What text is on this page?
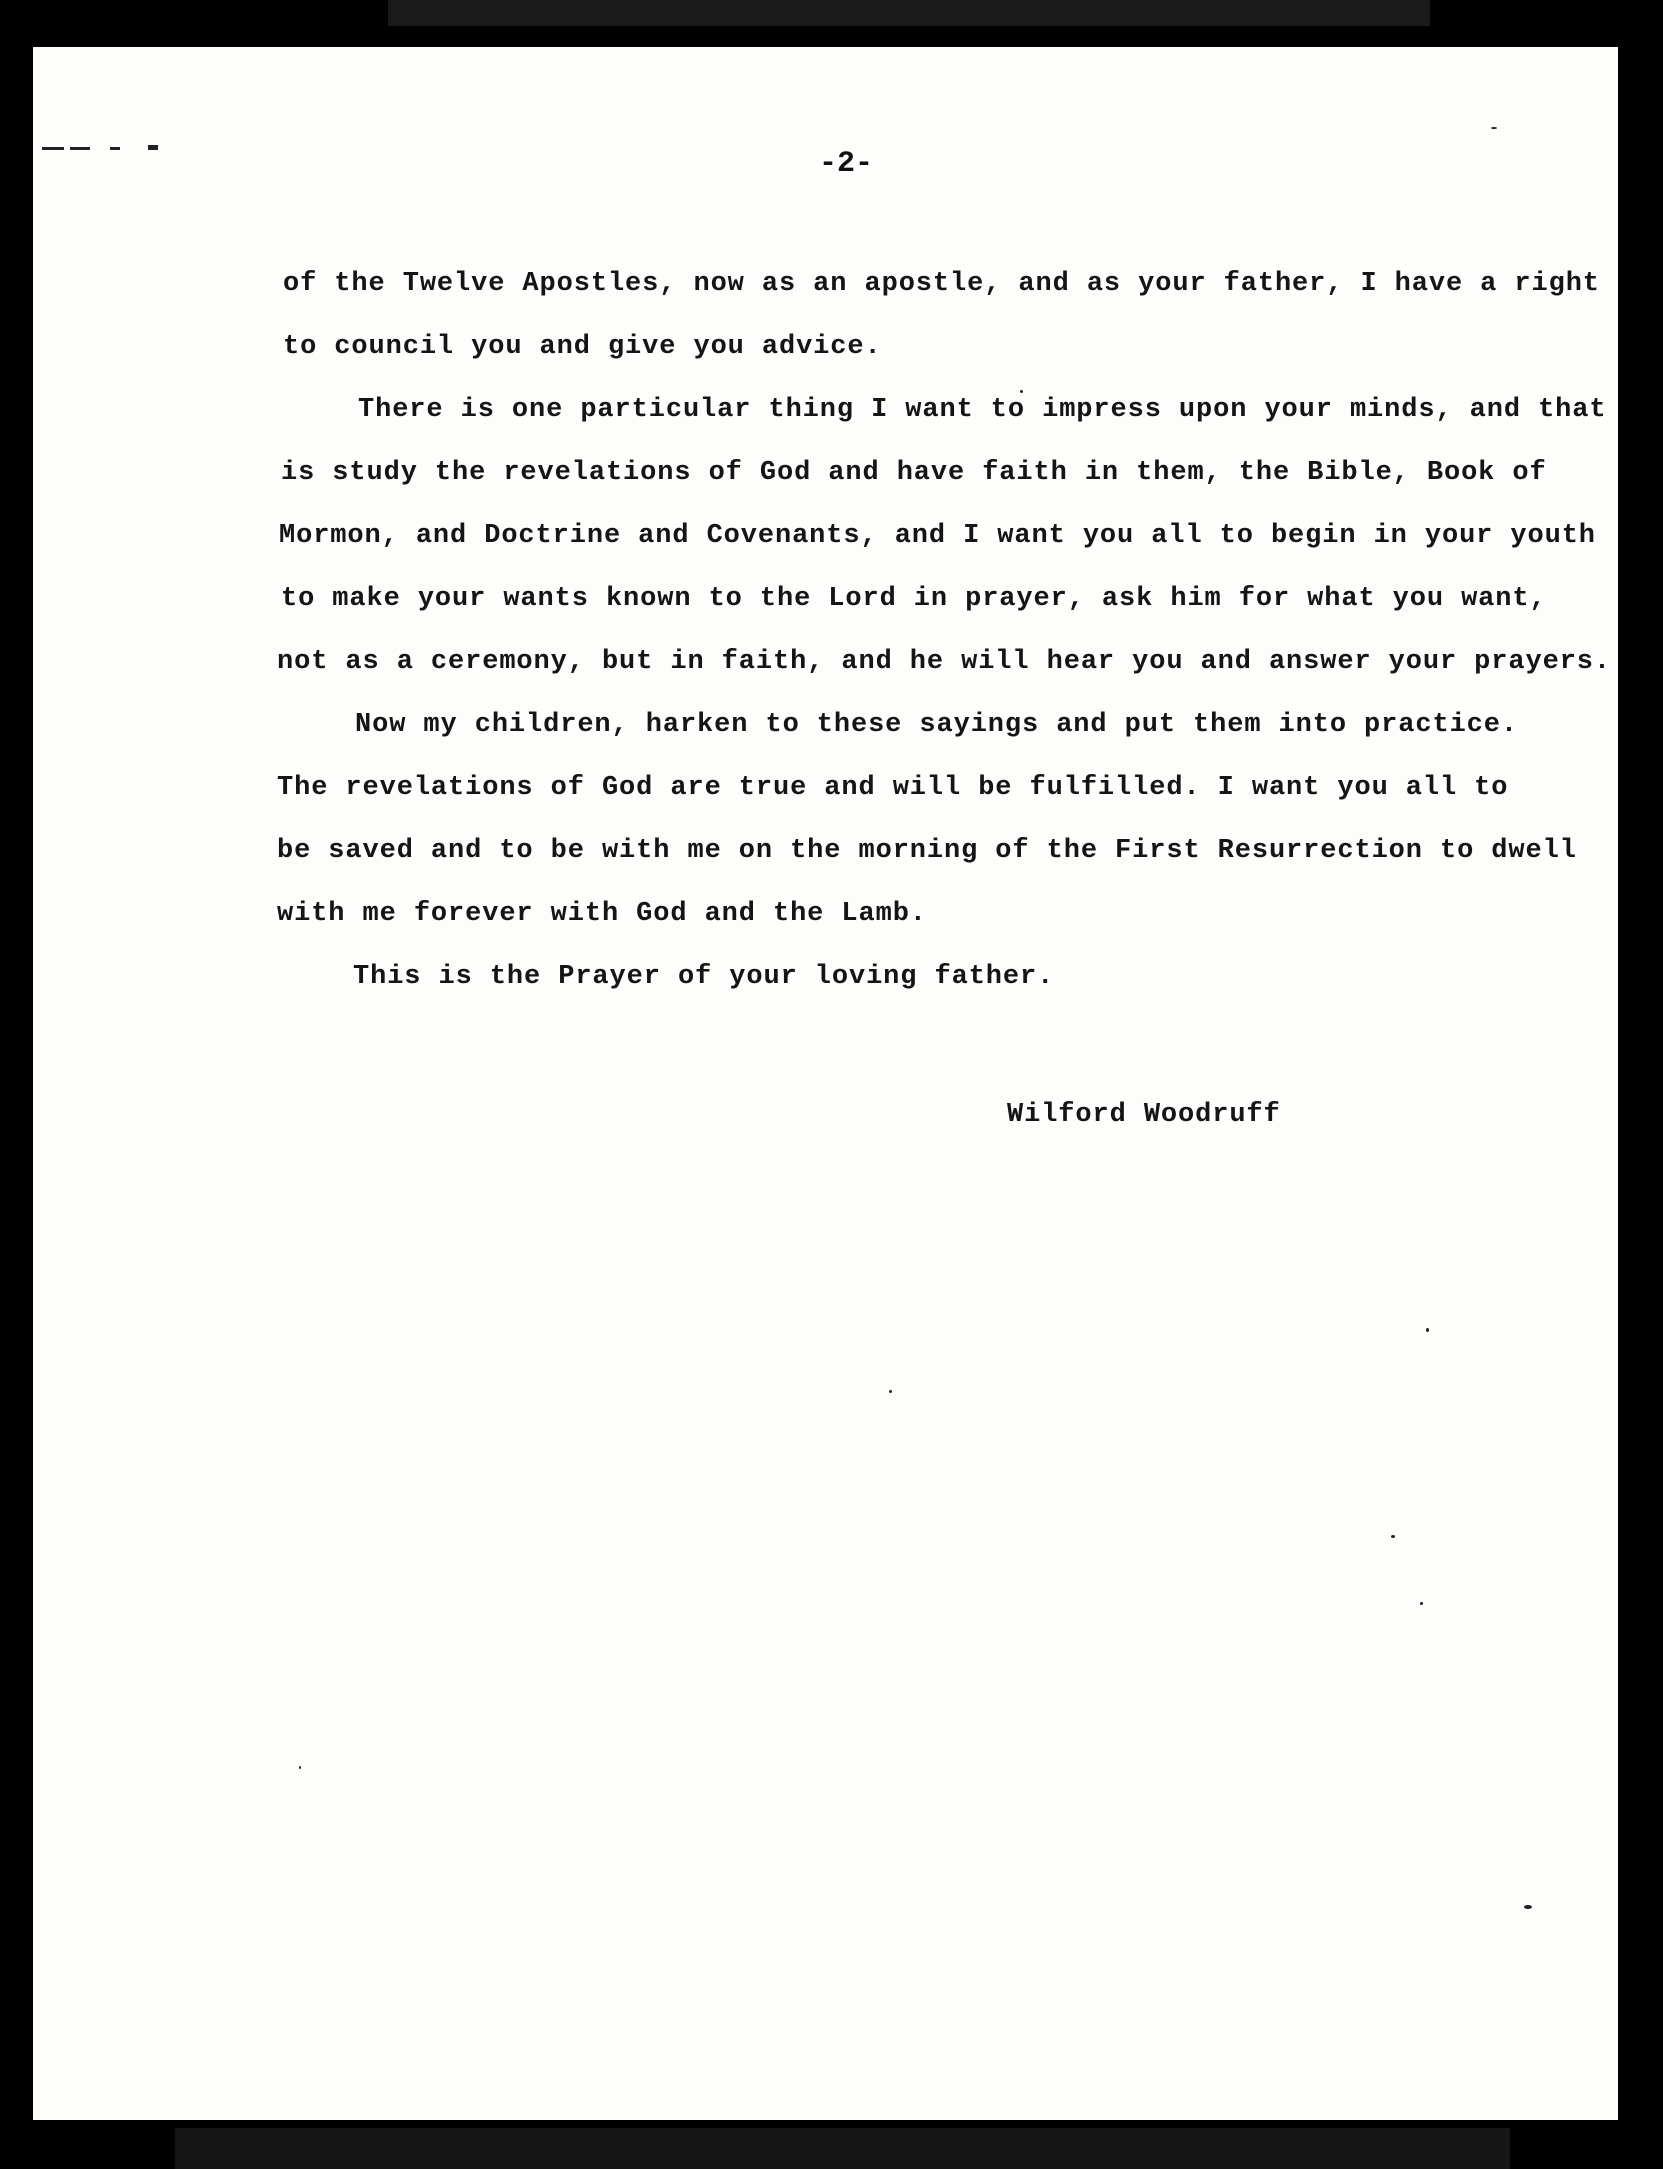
-2-

of the Twelve Apostles, now as an apostle, and as your father, I have a right

to council you and give you advice.

There is one particular thing I want to impress upon your minds, and that

is study the revelations of God and have faith in them, the Bible, Book of

Mormon, and Doctrine and Covenants, and I want you all to begin in your youth

to make your wants known to the Lord in prayer, ask him for what you want,

not as a ceremony, but in faith, and he will hear you and answer your prayers.

Now my children, harken to these sayings and put them into practice.

The revelations of God are true and will be fulfilled. I want you all to

be saved and to be with me on the morning of the First Resurrection to dwell

with me forever with God and the Lamb.

This is the Prayer of your loving father.

Wilford Woodruff
